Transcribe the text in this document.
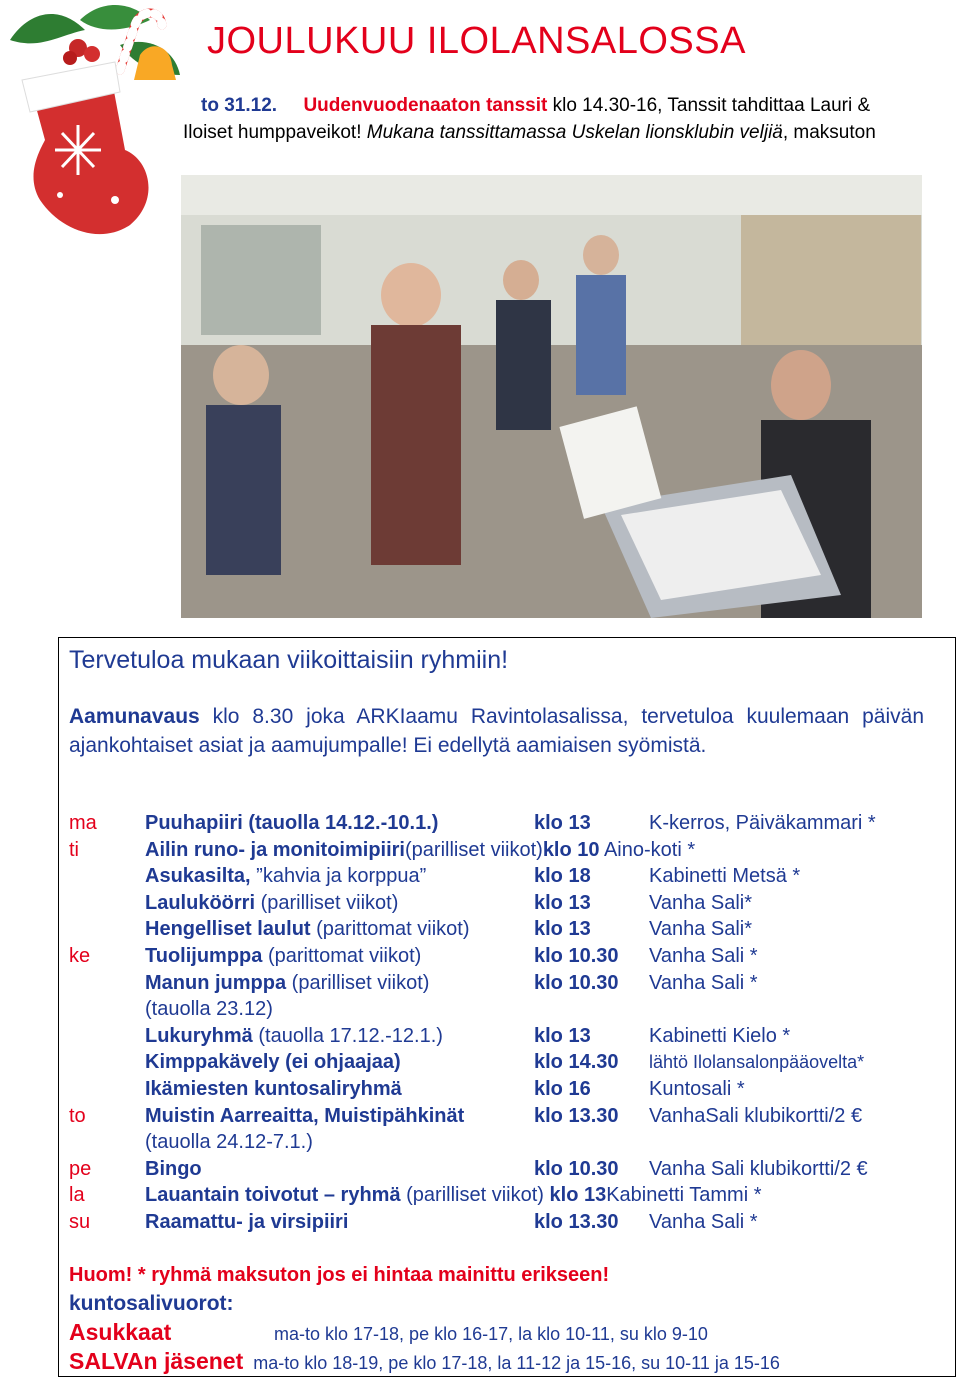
JOULUKUU ILOLANSALOSSA
to 31.12. Uudenvuodenaaton tanssit klo 14.30-16, Tanssit tahdittaa Lauri & Iloiset humppaveikot! Mukana tanssittamassa Uskelan lionsklubin veljiä, maksuton
Tervetuloa mukaan viikoittaisiin ryhmiin!
Aamunavaus klo 8.30 joka ARKIaamu Ravintolasalissa, tervetuloa kuulemaan päivän ajankohtaiset asiat ja aamujumpalle! Ei edellytä aamiaisen syömistä.
ma Puuhapiiri (tauolla 14.12.-10.1.)	klo 13	K-kerros, Päiväkammari *
ti	Ailin runo- ja monitoimipiiri(parilliset viikot)klo 10 Aino-koti *
Asukasilta, ”kahvia ja korppua”	klo 18	Kabinetti Metsä *
Lauluköörri (parilliset viikot)	klo 13	Vanha Sali*
Hengelliset laulut (parittomat viikot)	klo 13	Vanha Sali*
ke	Tuolijumppa (parittomat viikot)	klo 10.30 Vanha Sali *
Manun jumppa (parilliset viikot)	klo 10.30 Vanha Sali *
(tauolla 23.12)
Lukuryhmä (tauolla 17.12.-12.1.)	klo 13	Kabinetti Kielo *
Kimppakävely (ei ohjaajaa)	klo 14.30 lähtö Ilolansalonpääovelta*
Ikämiesten kuntosaliryhmä	klo 16	Kuntosali *
to	Muistin Aarreaitta, Muistipähkinät	klo 13.30 VanhaSali klubikortti/2 €
(tauolla 24.12-7.1.)
pe	Bingo	klo 10.30 Vanha Sali klubikortti/2 €
la	Lauantain toivotut – ryhmä (parilliset viikot) klo 13Kabinetti Tammi *
su	Raamattu- ja virsipiiri	klo 13.30 Vanha Sali *
Huom! * ryhmä maksuton jos ei hintaa mainittu erikseen!
kuntosalivuorot:
Asukkaat	ma-to klo 17-18, pe klo 16-17, la klo 10-11, su klo 9-10
SALVAn jäsenet ma-to klo 18-19, pe klo 17-18, la 11-12 ja 15-16, su 10-11 ja 15-16
